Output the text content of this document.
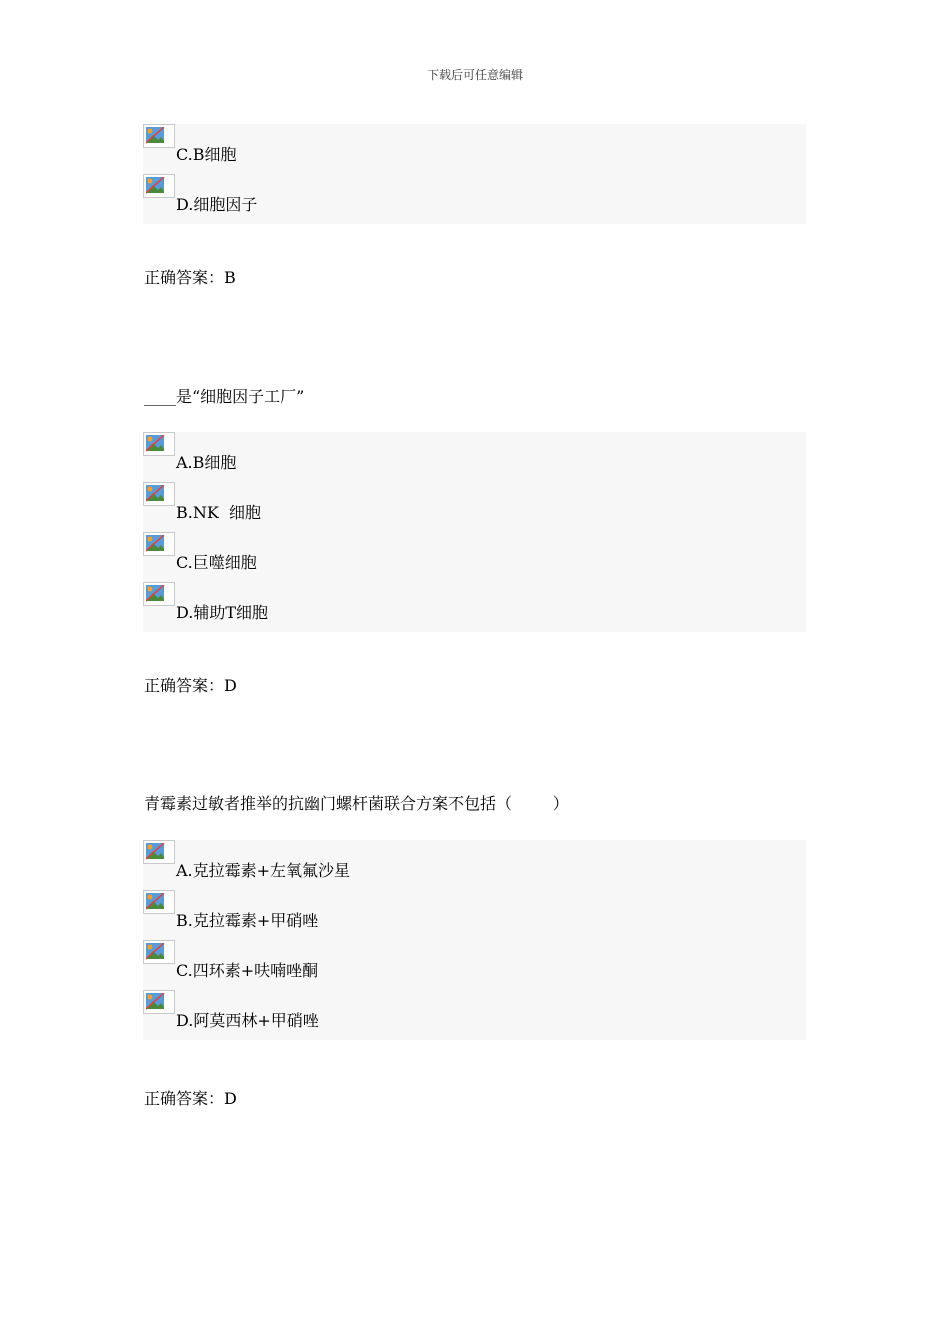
下载后可任意编辑
C.B细胞
D.细胞因子
正确答案：B
____是“细胞因子工厂”
A.B细胞
B.NK  细胞
C.巨噬细胞
D.辅助T细胞
正确答案：D
青霉素过敏者推举的抗幽门螺杆菌联合方案不包括（        ）
A.克拉霉素+左氧氟沙星
B.克拉霉素+甲硝唑
C.四环素+呋喃唑酮
D.阿莫西林+甲硝唑
正确答案：D
